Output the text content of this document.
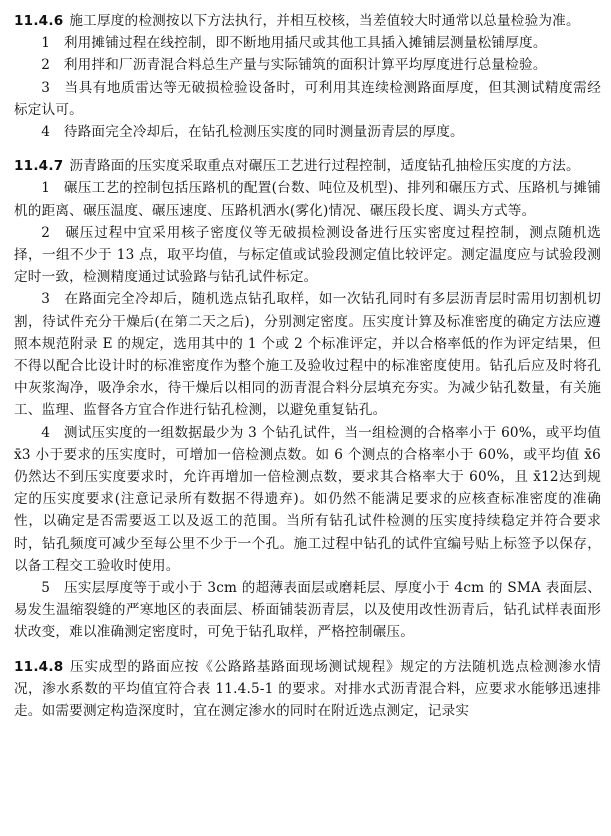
11.4.6 施工厚度的检测按以下方法执行，并相互校核，当差值较大时通常以总量检验为准。

1　利用摊铺过程在线控制，即不断地用插尺或其他工具插入摊铺层测量松铺厚度。

2　利用拌和厂沥青混合料总生产量与实际铺筑的面积计算平均厚度进行总量检验。

3　当具有地质雷达等无破损检验设备时，可利用其连续检测路面厚度，但其测试精度需经标定认可。

4　待路面完全冷却后，在钻孔检测压实度的同时测量沥青层的厚度。

11.4.7 沥青路面的压实度采取重点对碾压工艺进行过程控制，适度钻孔抽检压实度的方法。

1　碾压工艺的控制包括压路机的配置(台数、吨位及机型)、排列和碾压方式、压路机与摊铺机的距离、碾压温度、碾压速度、压路机洒水(雾化)情况、碾压段长度、调头方式等。

2　碾压过程中宜采用核子密度仪等无破损检测设备进行压实密度过程控制，测点随机选择，一组不少于 13 点，取平均值，与标定值或试验段测定值比较评定。测定温度应与试验段测定时一致，检测精度通过试验路与钻孔试件标定。

3　在路面完全冷却后，随机选点钻孔取样，如一次钻孔同时有多层沥青层时需用切割机切割，待试件充分干燥后(在第二天之后)，分别测定密度。压实度计算及标准密度的确定方法应遵照本规范附录 E 的规定，选用其中的 1 个或 2 个标准评定，并以合格率低的作为评定结果，但不得以配合比设计时的标准密度作为整个施工及验收过程中的标准密度使用。钻孔后应及时将孔中灰浆淘净，吸净余水，待干燥后以相同的沥青混合料分层填充夯实。为减少钻孔数量，有关施工、监理、监督各方宜合作进行钻孔检测，以避免重复钻孔。

4　测试压实度的一组数据最少为 3 个钻孔试件，当一组检测的合格率小于 60%，或平均值 x̄3 小于要求的压实度时，可增加一倍检测点数。如 6 个测点的合格率小于 60%，或平均值 x̄6仍然达不到压实度要求时，允许再增加一倍检测点数，要求其合格率大于 60%，且 x̄12达到规定的压实度要求(注意记录所有数据不得遗弃)。如仍然不能满足要求的应核查标准密度的准确性，以确定是否需要返工以及返工的范围。当所有钻孔试件检测的压实度持续稳定并符合要求时，钻孔频度可减少至每公里不少于一个孔。施工过程中钻孔的试件宜编号贴上标签予以保存，以备工程交工验收时使用。

5　压实层厚度等于或小于 3cm 的超薄表面层或磨耗层、厚度小于 4cm 的 SMA 表面层、易发生温缩裂缝的严寒地区的表面层、桥面铺装沥青层，以及使用改性沥青后，钻孔试样表面形状改变，难以准确测定密度时，可免于钻孔取样，严格控制碾压。

11.4.8 压实成型的路面应按《公路路基路面现场测试规程》规定的方法随机选点检测渗水情况，渗水系数的平均值宜符合表 11.4.5-1 的要求。对排水式沥青混合料，应要求水能够迅速排走。如需要测定构造深度时，宜在测定渗水的同时在附近选点测定，记录实
